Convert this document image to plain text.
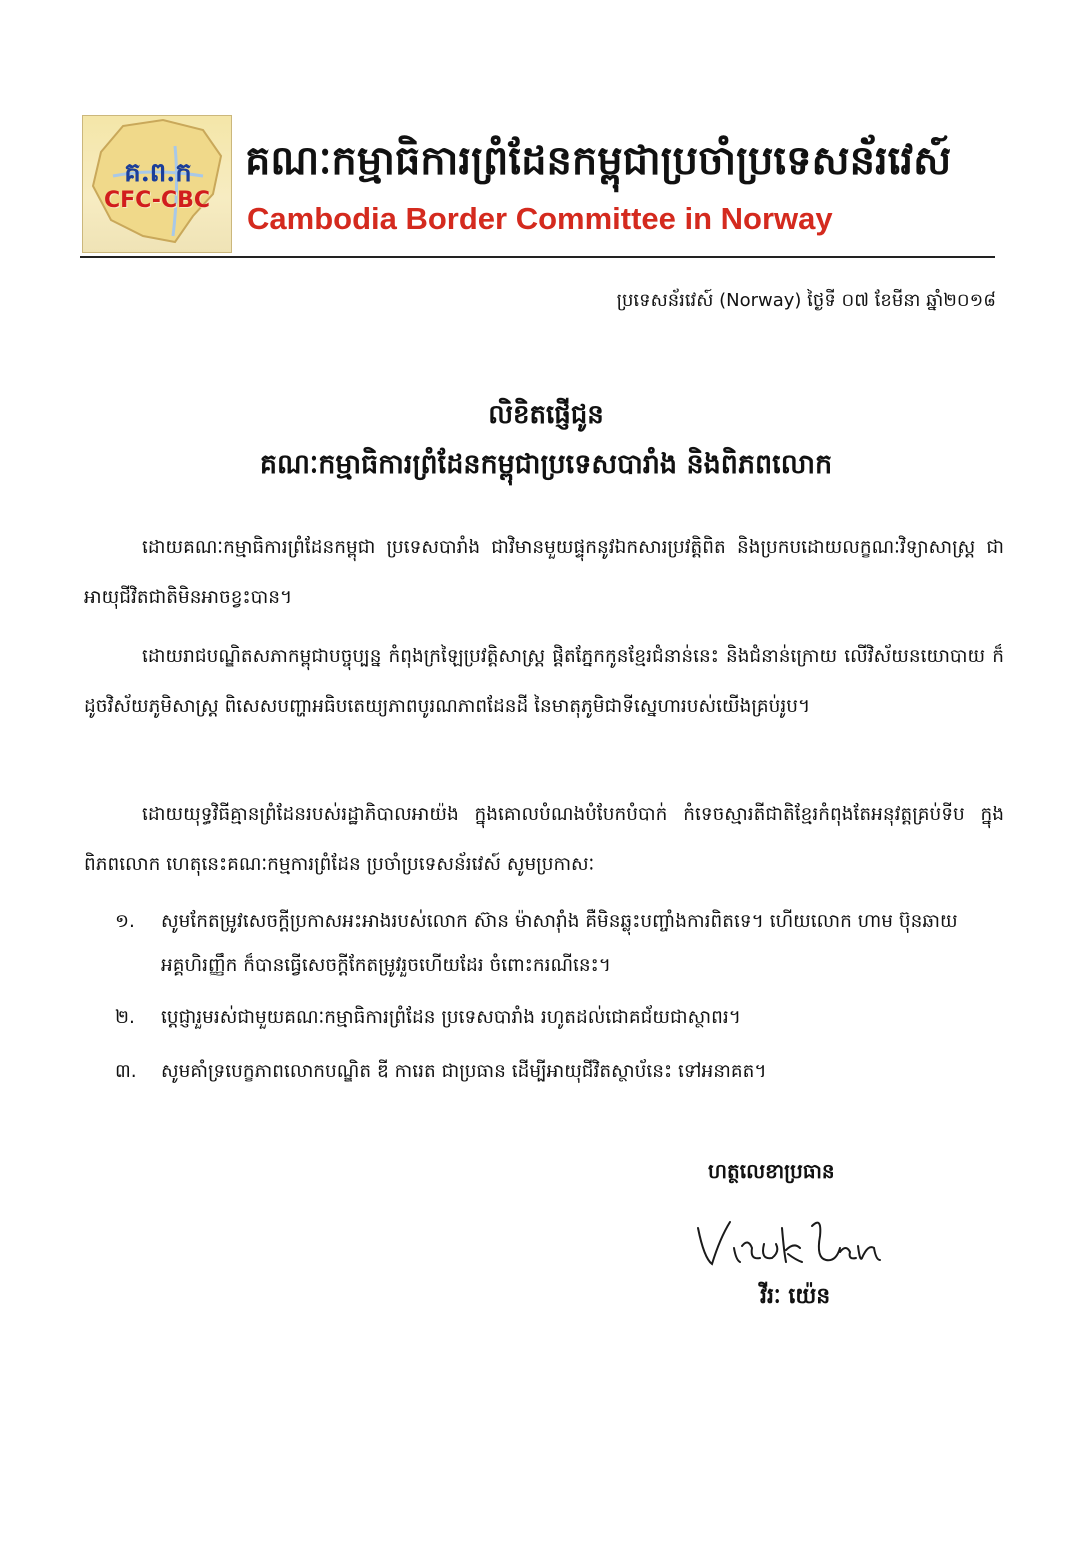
គ.ព.ក
CFC-CBC
គណៈកម្មាធិការព្រំដែនកម្ពុជាប្រចាំប្រទេសន័រវេស៍
Cambodia Border Committee in Norway
ប្រទេសន័រវេស៍ (Norway) ថ្ងៃទី ០៧ ខែមីនា ឆ្នាំ២០១៨
លិខិតផ្ញើជូន
គណៈកម្មាធិការព្រំដែនកម្ពុជាប្រទេសបារាំង និងពិភពលោក
ដោយគណៈកម្មាធិការព្រំដែនកម្ពុជា ប្រទេសបារាំង ជាវិមានមួយផ្ទុកនូវឯកសារប្រវត្តិពិត និងប្រកបដោយលក្ខណៈវិទ្យាសាស្ត្រ ជាអាយុជីវិតជាតិមិនអាចខ្វះបាន។
ដោយរាជបណ្ឌិតសភាកម្ពុជាបច្ចុប្បន្ន កំពុងក្រឡៃប្រវត្តិសាស្ត្រ ផ្តិតភ្នែកកូនខ្មែរជំនាន់នេះ និងជំនាន់ក្រោយ លើវិស័យនយោបាយ ក៏ដូចវិស័យភូមិសាស្ត្រ ពិសេសបញ្ហាអធិបតេយ្យភាពបូរណភាពដែនដី នៃមាតុភូមិជាទីស្នេហារបស់យើងគ្រប់រូប។
ដោយយុទ្ធវិធីគ្មានព្រំដែនរបស់រដ្ឋាភិបាលអាយ៉ង ក្នុងគោលបំណងបំបែកបំបាក់ កំទេចស្មារតីជាតិខ្មែរកំពុងតែអនុវត្តគ្រប់ទីប ក្នុងពិភពលោក ហេតុនេះគណៈកម្មការព្រំដែន ប្រចាំប្រទេសន័រវេស៍ សូមប្រកាសៈ
១. សូមកែតម្រូវសេចក្តីប្រកាសអះអាងរបស់លោក ស៊ាន ម៉ាសារ៉ាំង គឺមិនឆ្លុះបញ្ចាំងការពិតទេ។ ហើយលោក ហាម ប៊ុនឆាយ អគ្គហិរញ្ញឹក ក៏បានធ្វើសេចក្តីកែតម្រូវរួចហើយដែរ ចំពោះករណីនេះ។
២. ប្តេជ្ញារួមរស់ជាមួយគណៈកម្មាធិការព្រំដែន ប្រទេសបារាំង រហូតដល់ជោគជ័យជាស្ថាពរ។
៣. សូមគាំទ្របេក្ខភាពលោកបណ្ឌិត ឌី ការេត ជាប្រធាន ដើម្បីអាយុជីវិតស្ថាប័នេះ ទៅអនាគត។
ហត្ថលេខាប្រធាន
វីរៈ យ៉េន
